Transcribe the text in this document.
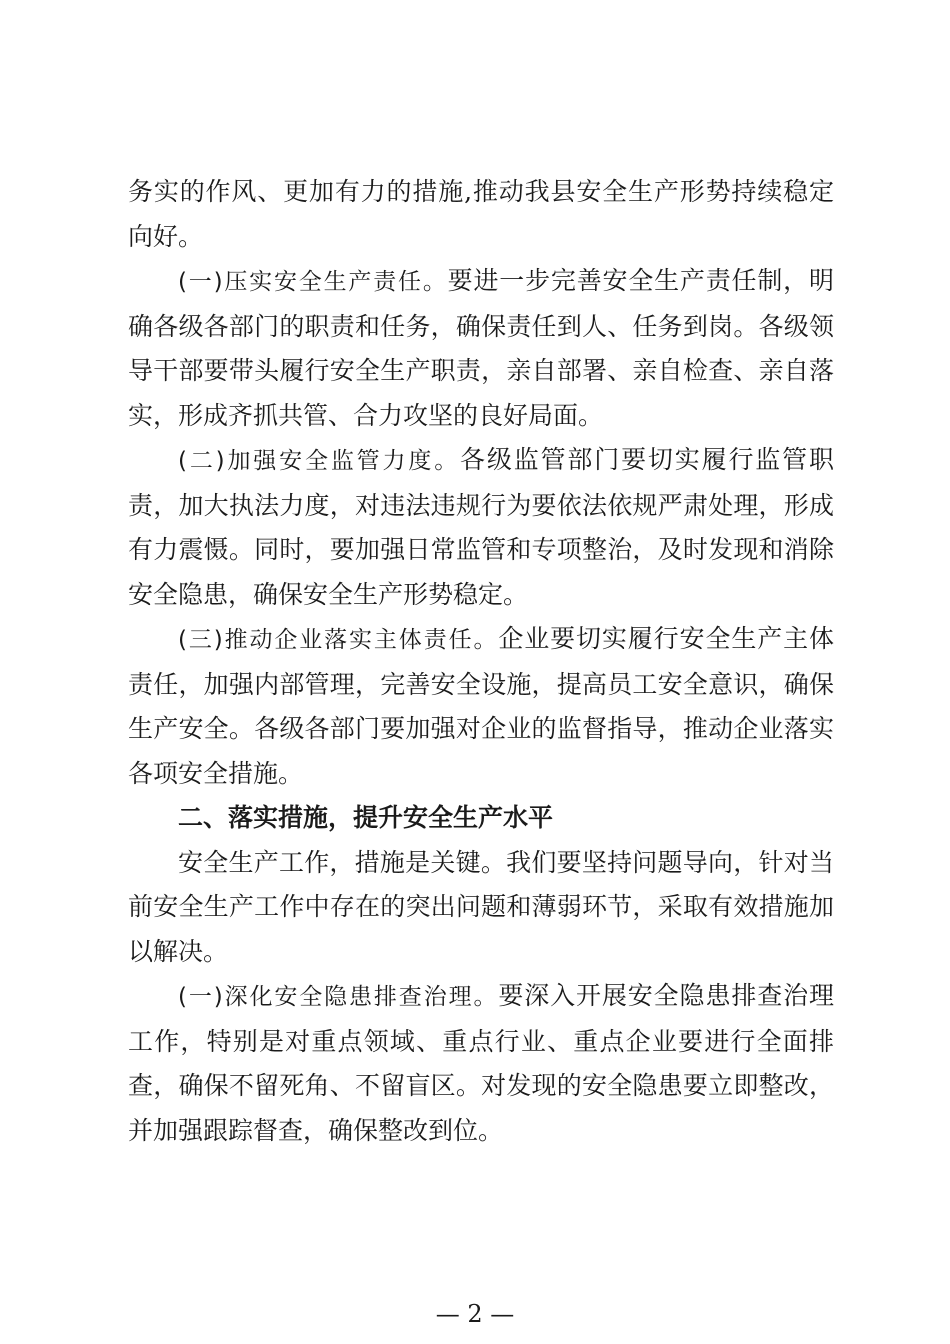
务实的作风、更加有力的措施,推动我县安全生产形势持续稳定向好。

(一)压实安全生产责任。要进一步完善安全生产责任制，明确各级各部门的职责和任务，确保责任到人、任务到岗。各级领导干部要带头履行安全生产职责，亲自部署、亲自检查、亲自落实，形成齐抓共管、合力攻坚的良好局面。

(二)加强安全监管力度。各级监管部门要切实履行监管职责，加大执法力度，对违法违规行为要依法依规严肃处理，形成有力震慑。同时，要加强日常监管和专项整治，及时发现和消除安全隐患，确保安全生产形势稳定。

(三)推动企业落实主体责任。企业要切实履行安全生产主体责任，加强内部管理，完善安全设施，提高员工安全意识，确保生产安全。各级各部门要加强对企业的监督指导，推动企业落实各项安全措施。

二、落实措施，提升安全生产水平

安全生产工作，措施是关键。我们要坚持问题导向，针对当前安全生产工作中存在的突出问题和薄弱环节，采取有效措施加以解决。

(一)深化安全隐患排查治理。要深入开展安全隐患排查治理工作，特别是对重点领域、重点行业、重点企业要进行全面排查，确保不留死角、不留盲区。对发现的安全隐患要立即整改，并加强跟踪督查，确保整改到位。

— 2 —
